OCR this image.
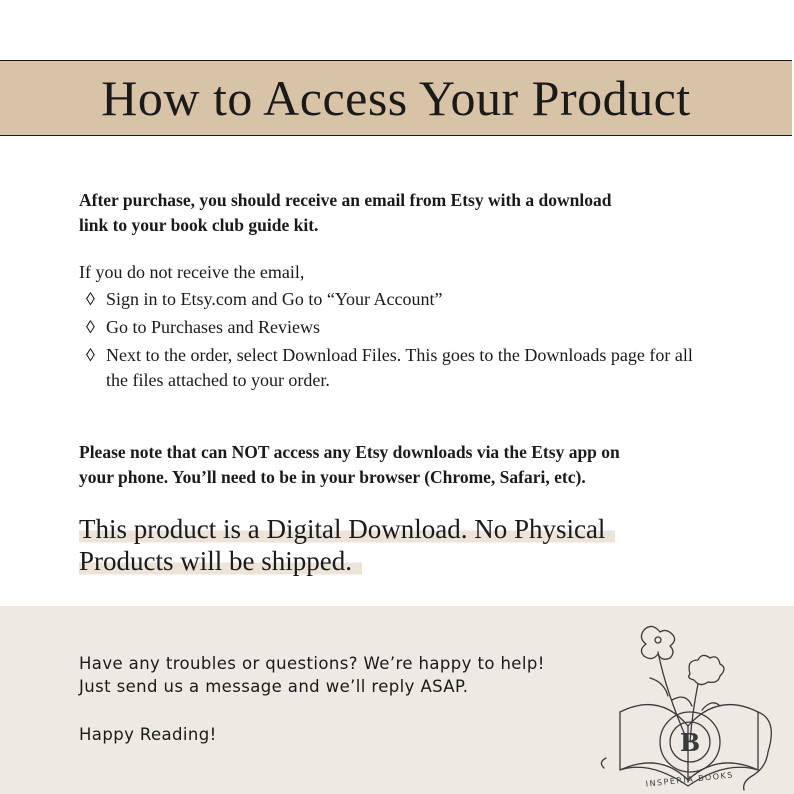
How to Access Your Product
After purchase, you should receive an email from Etsy with a download
link to your book club guide kit.

If you do not receive the email,

◊ Sign in to Etsy.com and Go to “Your Account”
◊ Go to Purchases and Reviews
◊ Next to the order, select Download Files. This goes to the Downloads page for all the files attached to your order.
Please note that can NOT access any Etsy downloads via the Etsy app on
your phone. You’ll need to be in your browser (Chrome, Safari, etc).
This product is a Digital Download. No Physical
Products will be shipped.
Have any troubles or questions? We’re happy to help!
Just send us a message and we’ll reply ASAP.

Happy Reading!	B
INSPERIA BOOKS
